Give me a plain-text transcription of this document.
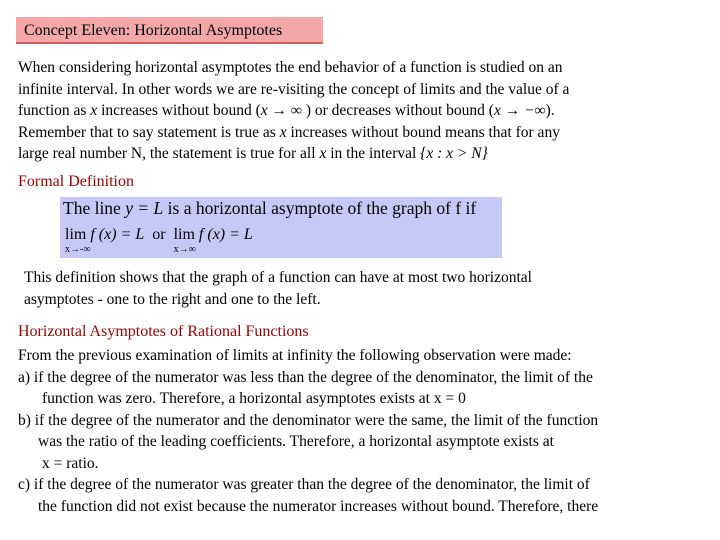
Concept Eleven: Horizontal Asymptotes
When considering horizontal asymptotes the end behavior of a function is studied on an
infinite interval. In other words we are re-visiting the concept of limits and the value of a
function as x increases without bound (x → ∞ ) or decreases without bound (x → −∞).
Remember that to say statement is true as x increases without bound means that for any
large real number N, the statement is true for all x in the interval {x : x > N}
Formal Definition
The line y = L is a horizontal asymptote of the graph of f if
lim
x→-∞
f (x) = L  or  lim
x→∞
f (x) = L
This definition shows that the graph of a function can have at most two horizontal
asymptotes - one to the right and one to the left.
Horizontal Asymptotes of Rational Functions
From the previous examination of limits at infinity the following observation were made:
a) if the degree of the numerator was less than the degree of the denominator, the limit of the
function was zero. Therefore, a horizontal asymptotes exists at x = 0
b) if the degree of the numerator and the denominator were the same, the limit of the function
was the ratio of the leading coefficients. Therefore, a horizontal asymptote exists at
x = ratio.
c) if the degree of the numerator was greater than the degree of the denominator, the limit of
the function did not exist because the numerator increases without bound. Therefore, there
